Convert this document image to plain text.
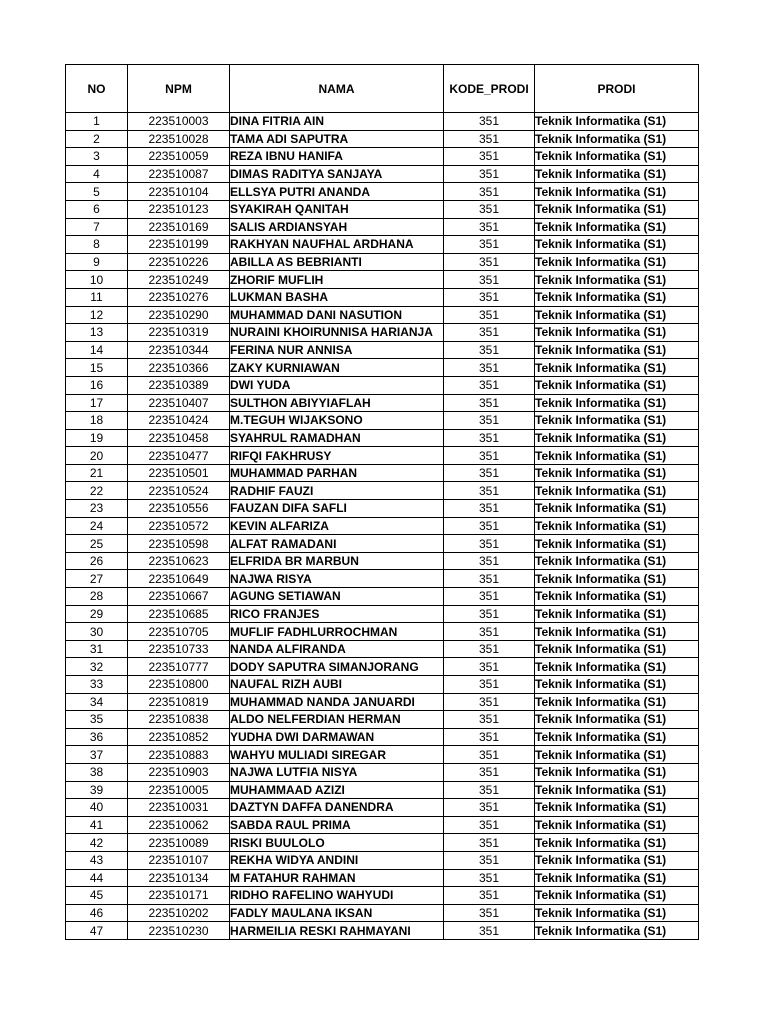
NO	NPM	NAMA	KODE_PRODI	PRODI
1	223510003	DINA FITRIA AIN	351	Teknik Informatika (S1)
2	223510028	TAMA ADI SAPUTRA	351	Teknik Informatika (S1)
3	223510059	REZA IBNU HANIFA	351	Teknik Informatika (S1)
4	223510087	DIMAS RADITYA SANJAYA	351	Teknik Informatika (S1)
5	223510104	ELLSYA PUTRI ANANDA	351	Teknik Informatika (S1)
6	223510123	SYAKIRAH QANITAH	351	Teknik Informatika (S1)
7	223510169	SALIS ARDIANSYAH	351	Teknik Informatika (S1)
8	223510199	RAKHYAN NAUFHAL ARDHANA	351	Teknik Informatika (S1)
9	223510226	ABILLA AS BEBRIANTI	351	Teknik Informatika (S1)
10	223510249	ZHORIF MUFLIH	351	Teknik Informatika (S1)
11	223510276	LUKMAN BASHA	351	Teknik Informatika (S1)
12	223510290	MUHAMMAD DANI NASUTION	351	Teknik Informatika (S1)
13	223510319	NURAINI KHOIRUNNISA HARIANJA	351	Teknik Informatika (S1)
14	223510344	FERINA NUR ANNISA	351	Teknik Informatika (S1)
15	223510366	ZAKY KURNIAWAN	351	Teknik Informatika (S1)
16	223510389	DWI YUDA	351	Teknik Informatika (S1)
17	223510407	SULTHON ABIYYIAFLAH	351	Teknik Informatika (S1)
18	223510424	M.TEGUH WIJAKSONO	351	Teknik Informatika (S1)
19	223510458	SYAHRUL RAMADHAN	351	Teknik Informatika (S1)
20	223510477	RIFQI FAKHRUSY	351	Teknik Informatika (S1)
21	223510501	MUHAMMAD PARHAN	351	Teknik Informatika (S1)
22	223510524	RADHIF FAUZI	351	Teknik Informatika (S1)
23	223510556	FAUZAN DIFA SAFLI	351	Teknik Informatika (S1)
24	223510572	KEVIN ALFARIZA	351	Teknik Informatika (S1)
25	223510598	ALFAT RAMADANI	351	Teknik Informatika (S1)
26	223510623	ELFRIDA BR MARBUN	351	Teknik Informatika (S1)
27	223510649	NAJWA RISYA	351	Teknik Informatika (S1)
28	223510667	AGUNG SETIAWAN	351	Teknik Informatika (S1)
29	223510685	RICO FRANJES	351	Teknik Informatika (S1)
30	223510705	MUFLIF FADHLURROCHMAN	351	Teknik Informatika (S1)
31	223510733	NANDA ALFIRANDA	351	Teknik Informatika (S1)
32	223510777	DODY SAPUTRA SIMANJORANG	351	Teknik Informatika (S1)
33	223510800	NAUFAL RIZH AUBI	351	Teknik Informatika (S1)
34	223510819	MUHAMMAD NANDA JANUARDI	351	Teknik Informatika (S1)
35	223510838	ALDO NELFERDIAN HERMAN	351	Teknik Informatika (S1)
36	223510852	YUDHA DWI DARMAWAN	351	Teknik Informatika (S1)
37	223510883	WAHYU MULIADI SIREGAR	351	Teknik Informatika (S1)
38	223510903	NAJWA LUTFIA NISYA	351	Teknik Informatika (S1)
39	223510005	MUHAMMAAD AZIZI	351	Teknik Informatika (S1)
40	223510031	DAZTYN DAFFA DANENDRA	351	Teknik Informatika (S1)
41	223510062	SABDA RAUL PRIMA	351	Teknik Informatika (S1)
42	223510089	RISKI BUULOLO	351	Teknik Informatika (S1)
43	223510107	REKHA WIDYA ANDINI	351	Teknik Informatika (S1)
44	223510134	M FATAHUR RAHMAN	351	Teknik Informatika (S1)
45	223510171	RIDHO RAFELINO WAHYUDI	351	Teknik Informatika (S1)
46	223510202	FADLY MAULANA IKSAN	351	Teknik Informatika (S1)
47	223510230	HARMEILIA RESKI RAHMAYANI	351	Teknik Informatika (S1)
